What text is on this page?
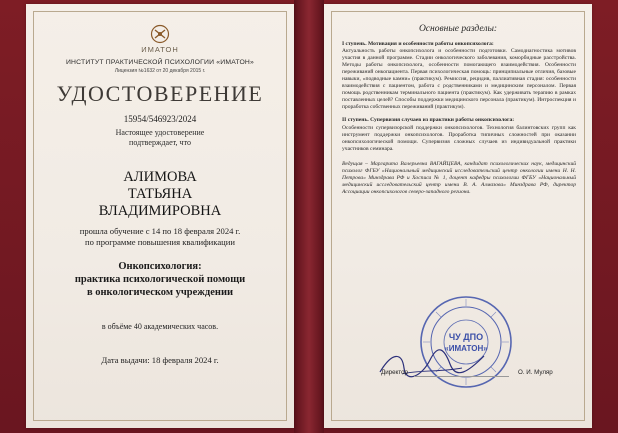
ИМАТОН
ИНСТИТУТ ПРАКТИЧЕСКОЙ ПСИХОЛОГИИ «ИМАТОН»
Лицензия №1632 от 20 декабря 2015 г.
УДОСТОВЕРЕНИЕ
15954/546923/2024
Настоящее удостоверение
подтверждает, что
АЛИМОВА
ТАТЬЯНА
ВЛАДИМИРОВНА
прошла обучение с 14 по 18 февраля 2024 г.
по программе повышения квалификации
Онкопсихология:
практика психологической помощи
в онкологическом учреждении
в объёме 40 академических часов.
Дата выдачи: 18 февраля 2024 г.
Основные разделы:
I ступень. Мотивация и особенности работы онкопсихолога:
Актуальность работы онкопсихолога и особенности подготовки. Самодиагностика мотивов участия в данной программе. Стадии онкологического заболевания, коморбидные расстройства. Методы работы онкопсихолога, особенности помогающего взаимодействия. Особенности переживаний онкопациента. Первая психологическая помощь: принципиальные отличия, базовые навыки, «подводные камни» (практикум). Ремиссия, рецидив, паллиативная стадия: особенности взаимодействия с пациентом, работа с родственниками и медицинским персоналом. Первая помощь родственникам терминального пациента (практикум). Как удерживать терапию в рамках поставленных целей? Способы поддержки медицинского персонала (практикум). Интроспекция и проработка собственных переживаний (практикум).
II ступень. Супервизия случаев из практики работы онкопсихолога:
Особенности супервизорской поддержки онкопсихологов. Технология балинтовских групп как инструмент поддержки онкопсихологов. Проработка типичных сложностей при оказании онкопсихологической помощи. Супервизия сложных случаев из индивидуальной практики участников семинара.
Ведущая – Маргарита Валерьевна ВАГАЙЦЕВА, кандидат психологических наук, медицинский психолог ФГБУ «Национальный медицинский исследовательский центр онкологии имени Н. Н. Петрова» Минздрава РФ и Хосписа № 1, доцент кафедры психологии ФГБУ «Национальный медицинский исследовательский центр имени В. А. Алмазова» Минздрава РФ, директор Ассоциации онкопсихологов северо-западного региона.
ЧУ ДПО
«ИМАТОН»
Директор	О. И. Муляр
